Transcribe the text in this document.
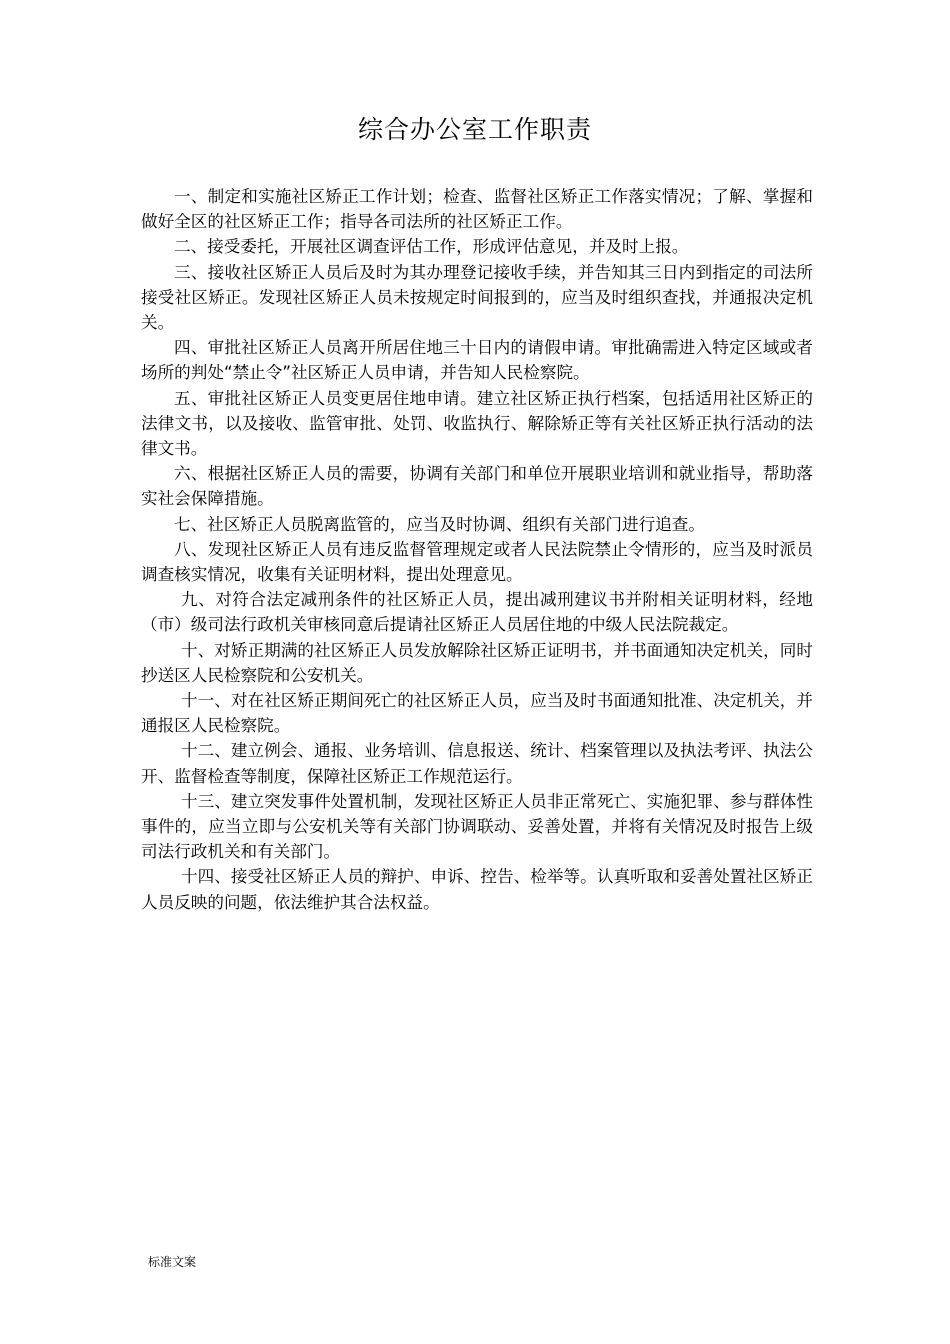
综合办公室工作职责

一、制定和实施社区矫正工作计划；检查、监督社区矫正工作落实情况；了解、掌握和做好全区的社区矫正工作；指导各司法所的社区矫正工作。

二、接受委托，开展社区调查评估工作，形成评估意见，并及时上报。

三、接收社区矫正人员后及时为其办理登记接收手续，并告知其三日内到指定的司法所接受社区矫正。发现社区矫正人员未按规定时间报到的，应当及时组织查找，并通报决定机关。

四、审批社区矫正人员离开所居住地三十日内的请假申请。审批确需进入特定区域或者场所的判处“禁止令”社区矫正人员申请，并告知人民检察院。

五、审批社区矫正人员变更居住地申请。建立社区矫正执行档案，包括适用社区矫正的法律文书，以及接收、监管审批、处罚、收监执行、解除矫正等有关社区矫正执行活动的法律文书。

六、根据社区矫正人员的需要，协调有关部门和单位开展职业培训和就业指导，帮助落实社会保障措施。

七、社区矫正人员脱离监管的，应当及时协调、组织有关部门进行追查。

八、发现社区矫正人员有违反监督管理规定或者人民法院禁止令情形的，应当及时派员调查核实情况，收集有关证明材料，提出处理意见。

九、对符合法定减刑条件的社区矫正人员，提出减刑建议书并附相关证明材料，经地（市）级司法行政机关审核同意后提请社区矫正人员居住地的中级人民法院裁定。

十、对矫正期满的社区矫正人员发放解除社区矫正证明书，并书面通知决定机关，同时抄送区人民检察院和公安机关。

十一、对在社区矫正期间死亡的社区矫正人员，应当及时书面通知批准、决定机关，并通报区人民检察院。

十二、建立例会、通报、业务培训、信息报送、统计、档案管理以及执法考评、执法公开、监督检查等制度，保障社区矫正工作规范运行。

十三、建立突发事件处置机制，发现社区矫正人员非正常死亡、实施犯罪、参与群体性事件的，应当立即与公安机关等有关部门协调联动、妥善处置，并将有关情况及时报告上级司法行政机关和有关部门。

十四、接受社区矫正人员的辩护、申诉、控告、检举等。认真听取和妥善处置社区矫正人员反映的问题，依法维护其合法权益。

标准文案
